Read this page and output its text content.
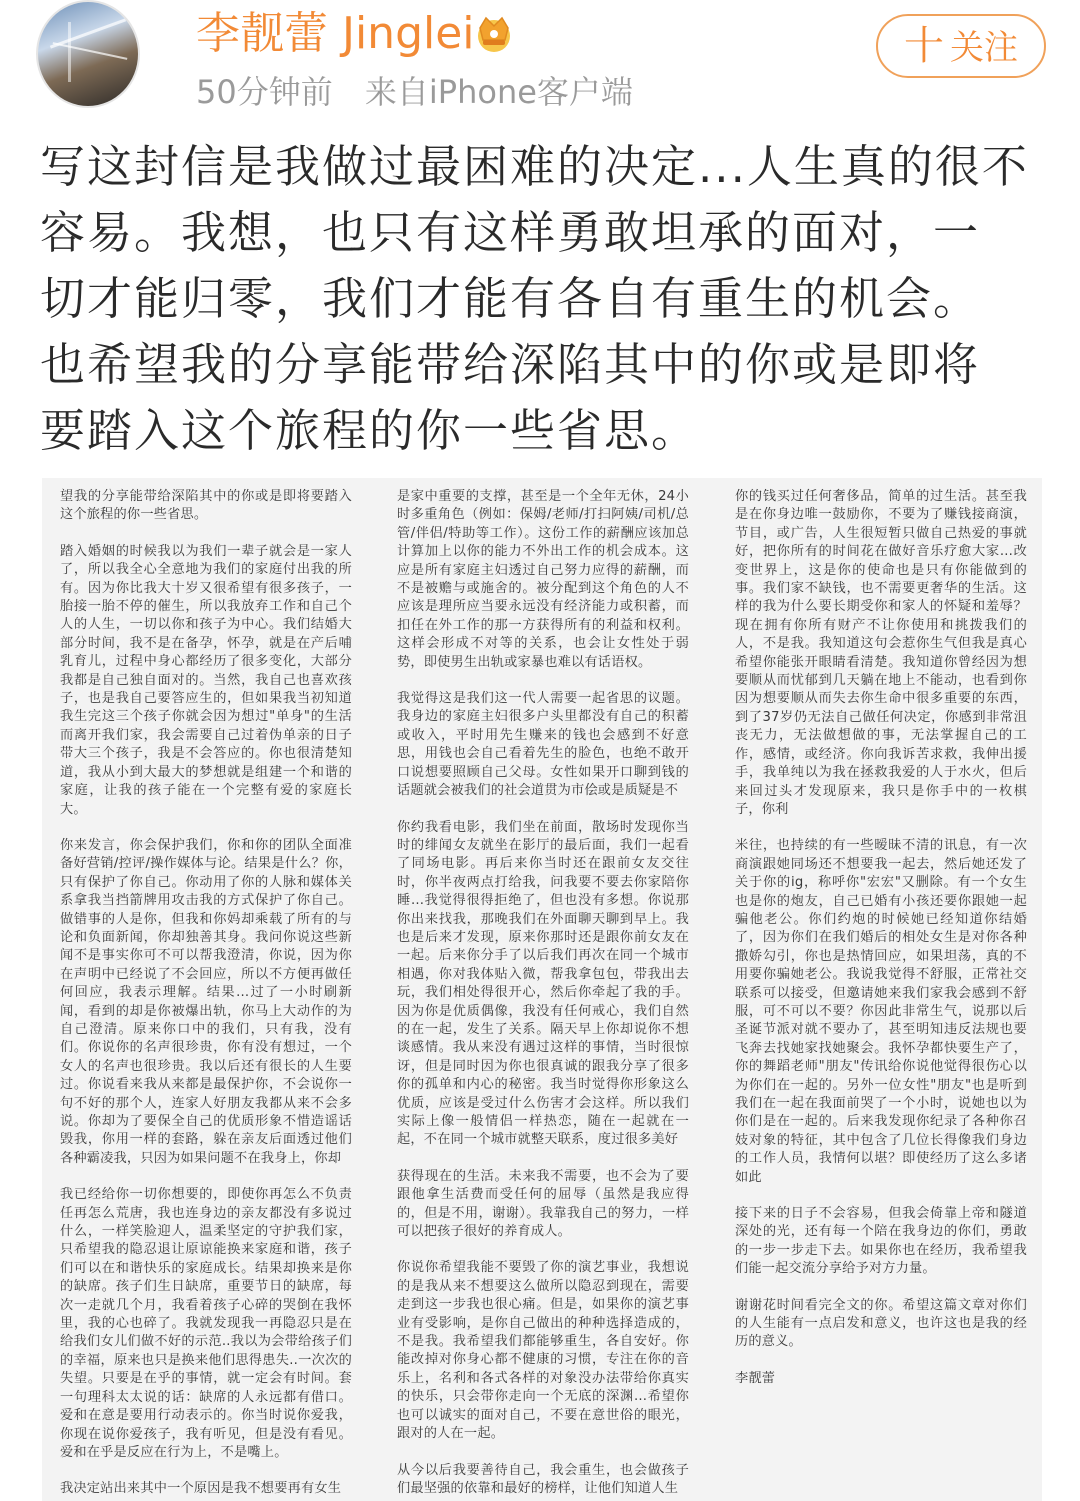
李靓蕾 Jinglei
50分钟前 来自iPhone客户端
十 关注
写这封信是我做过最困难的决定...人生真的很不
容易。我想，也只有这样勇敢坦承的面对，一
切才能归零，我们才能有各自有重生的机会。
也希望我的分享能带给深陷其中的你或是即将
要踏入这个旅程的你一些省思。

望我的分享能带给深陷其中的你或是即将要踏入这个旅程的你一些省思。

踏入婚姻的时候我以为我们一辈子就会是一家人了，所以我全心全意地为我们的家庭付出我的所有。因为你比我大十岁又很希望有很多孩子，一胎接一胎不停的催生，所以我放弃工作和自己个人的人生，一切以你和孩子为中心。我们结婚大部分时间，我不是在备孕，怀孕，就是在产后哺乳育儿，过程中身心都经历了很多变化，大部分我都是自己独自面对的。当然，我自己也喜欢孩子，也是我自己要答应生的，但如果我当初知道我生完这三个孩子你就会因为想过"单身"的生活而离开我们家，我会需要自己过着伪单亲的日子带大三个孩子，我是不会答应的。你也很清楚知道，我从小到大最大的梦想就是组建一个和谐的家庭，让我的孩子能在一个完整有爱的家庭长大。

你来发言，你会保护我们，你和你的团队全面准备好营销/控评/操作媒体与论。结果是什么？你，只有保护了你自己。你动用了你的人脉和媒体关系拿我当挡箭牌用攻击我的方式保护了你自己。做错事的人是你，但我和你妈却乘载了所有的与论和负面新闻，你却独善其身。我问你说这些新闻不是事实你可不可以帮我澄清，你说，因为你在声明中已经说了不会回应，所以不方便再做任何回应，我表示理解。结果...过了一小时刷新闻，看到的却是你被爆出轨，你马上大动作的为自己澄清。原来你口中的我们，只有我，没有们。你说你的名声很珍贵，你有没有想过，一个女人的名声也很珍贵。我以后还有很长的人生要过。你说看来我从来都是最保护你，不会说你一句不好的那个人，连家人好朋友我都从来不会多说。你却为了要保全自己的优质形象不惜造谣话毁我，你用一样的套路，躲在亲友后面透过他们各种霸凌我，只因为如果问题不在我身上，你却

我已经给你一切你想要的，即使你再怎么不负责任再怎么荒唐，我也连身边的亲友都没有多说过什么，一样笑脸迎人，温柔坚定的守护我们家，只希望我的隐忍退让原谅能换来家庭和谐，孩子们可以在和谐快乐的家庭成长。结果却换来是你的缺席。孩子们生日缺席，重要节日的缺席，每次一走就几个月，我看着孩子心碎的哭倒在我怀里，我的心也碎了。我就发现我一再隐忍只是在给我们女儿们做不好的示范..我以为会带给孩子们的幸福，原来也只是换来他们思得患失..一次次的失望。只要是在乎的事情，就一定会有时间。套一句理科太太说的话：缺席的人永远都有借口。爱和在意是要用行动表示的。你当时说你爱我，你现在说你爱孩子，我有听见，但是没有看见。爱和在乎是反应在行为上，不是嘴上。

我决定站出来其中一个原因是我不想要再有女生

是家中重要的支撑，甚至是一个全年无休，24小时多重角色（例如：保姆/老师/打扫阿姨/司机/总管/伴侣/特助等工作）。这份工作的薪酬应该加总计算加上以你的能力不外出工作的机会成本。这应是所有家庭主妇透过自己努力应得的薪酬，而不是被赡与或施舍的。被分配到这个角色的人不应该是理所应当要永远没有经济能力或积蓄，而扣任在外工作的那一方获得所有的利益和权利。这样会形成不对等的关系，也会让女性处于弱势，即使男生出轨或家暴也难以有话语权。

我觉得这是我们这一代人需要一起省思的议题。我身边的家庭主妇很多户头里都没有自己的积蓄或收入，平时用先生赚来的钱也会感到不好意思，用钱也会自己看着先生的脸色，也绝不敢开口说想要照顾自己父母。女性如果开口聊到钱的话题就会被我们的社会道贯为市侩或是质疑是不

你约我看电影，我们坐在前面，散场时发现你当时的绯闻女友就坐在影厅的最后面，我们一起看了同场电影。再后来你当时还在跟前女友交往时，你半夜两点打给我，问我要不要去你家陪你睡...我觉得很得拒绝了，但也没有多想。你说那你出来找我，那晚我们在外面聊天聊到早上。我也是后来才发现，原来你那时还是跟你前女友在一起。后来你分手了以后我们再次在同一个城市相遇，你对我体贴入微，帮我拿包包，带我出去玩，我们相处得很开心，然后你牵起了我的手。因为你是优质偶像，我没有任何戒心，我们自然的在一起，发生了关系。隔天早上你却说你不想谈感情。我从来没有遇过这样的事情，当时很惊讶，但是同时因为你也很真诚的跟我分享了很多你的孤单和内心的秘密。我当时觉得你形象这么优质，应该是受过什么伤害才会这样。所以我们实际上像一般情侣一样热恋，随在一起就在一起，不在同一个城市就整天联系，度过很多美好

获得现在的生活。未来我不需要，也不会为了要跟他拿生活费而受任何的屈辱（虽然是我应得的，但是不用，谢谢）。我靠我自己的努力，一样可以把孩子很好的养育成人。

你说你希望我能不要毁了你的演艺事业，我想说的是我从来不想要这么做所以隐忍到现在，需要走到这一步我也很心痛。但是，如果你的演艺事业有受影响，是你自己做出的种种选择造成的，不是我。我希望我们都能够重生，各自安好。你能改掉对你身心都不健康的习惯，专注在你的音乐上，名利和各式各样的对象没办法带给你真实的快乐，只会带你走向一个无底的深渊...希望你也可以诚实的面对自己，不要在意世俗的眼光，跟对的人在一起。

从今以后我要善待自己，我会重生，也会做孩子们最坚强的依靠和最好的榜样，让他们知道人生

你的钱买过任何奢侈品，简单的过生活。甚至我是在你身边唯一鼓励你，不要为了赚钱接商演，节目，或广告，人生很短暂只做自己热爱的事就好，把你所有的时间花在做好音乐疗愈大家...改变世界上，这是你的使命也是只有你能做到的事。我们家不缺钱，也不需要更奢华的生活。这样的我为什么要长期受你和家人的怀疑和羞辱？现在拥有你所有财产不让你使用和挑拨我们的人，不是我。我知道这句会惹你生气但我是真心希望你能张开眼睛看清楚。我知道你曾经因为想要顺从而忧郁到几天躺在地上不能动，也看到你因为想要顺从而失去你生命中很多重要的东西，到了37岁仍无法自己做任何决定，你感到非常沮丧无力，无法做想做的事，无法掌握自己的工作，感情，或经济。你向我诉苦求救，我伸出援手，我单纯以为我在拯救我爱的人于水火，但后来回过头才发现原来，我只是你手中的一枚棋子，你利

米往，也持续的有一些暧昧不清的讯息，有一次商演跟她同场还不想要我一起去，然后她还发了关于你的ig，称呼你"宏宏"又删除。有一个女生也是你的炮友，自己已婚有小孩还要你跟她一起骗他老公。你们约炮的时候她已经知道你结婚了，因为你们在我们婚后的相处女生是对你各种撒娇勾引，你也是热情回应，如果坦荡，真的不用要你骗她老公。我说我觉得不舒服，正常社交联系可以接受，但邀请她来我们家我会感到不舒服，可不可以不要？你因此非常生气，说那以后圣诞节派对就不要办了，甚至明知违反法规也要飞奔去找她家找她聚会。我怀孕都快要生产了，你的舞蹈老师"朋友"传讯给你说他觉得很伤心以为你们在一起的。另外一位女性"朋友"也是听到我们在一起在我面前哭了一个小时，说她也以为你们是在一起的。后来我发现你纪录了各种你召妓对象的特征，其中包含了几位长得像我们身边的工作人员，我情何以堪？即使经历了这么多诸如此

接下来的日子不会容易，但我会倚靠上帝和隧道深处的光，还有每一个陪在我身边的你们，勇敢的一步一步走下去。如果你也在经历，我希望我们能一起交流分享给予对方力量。

谢谢花时间看完全文的你。希望这篇文章对你们的人生能有一点启发和意义，也许这也是我的经历的意义。

李靓蕾
